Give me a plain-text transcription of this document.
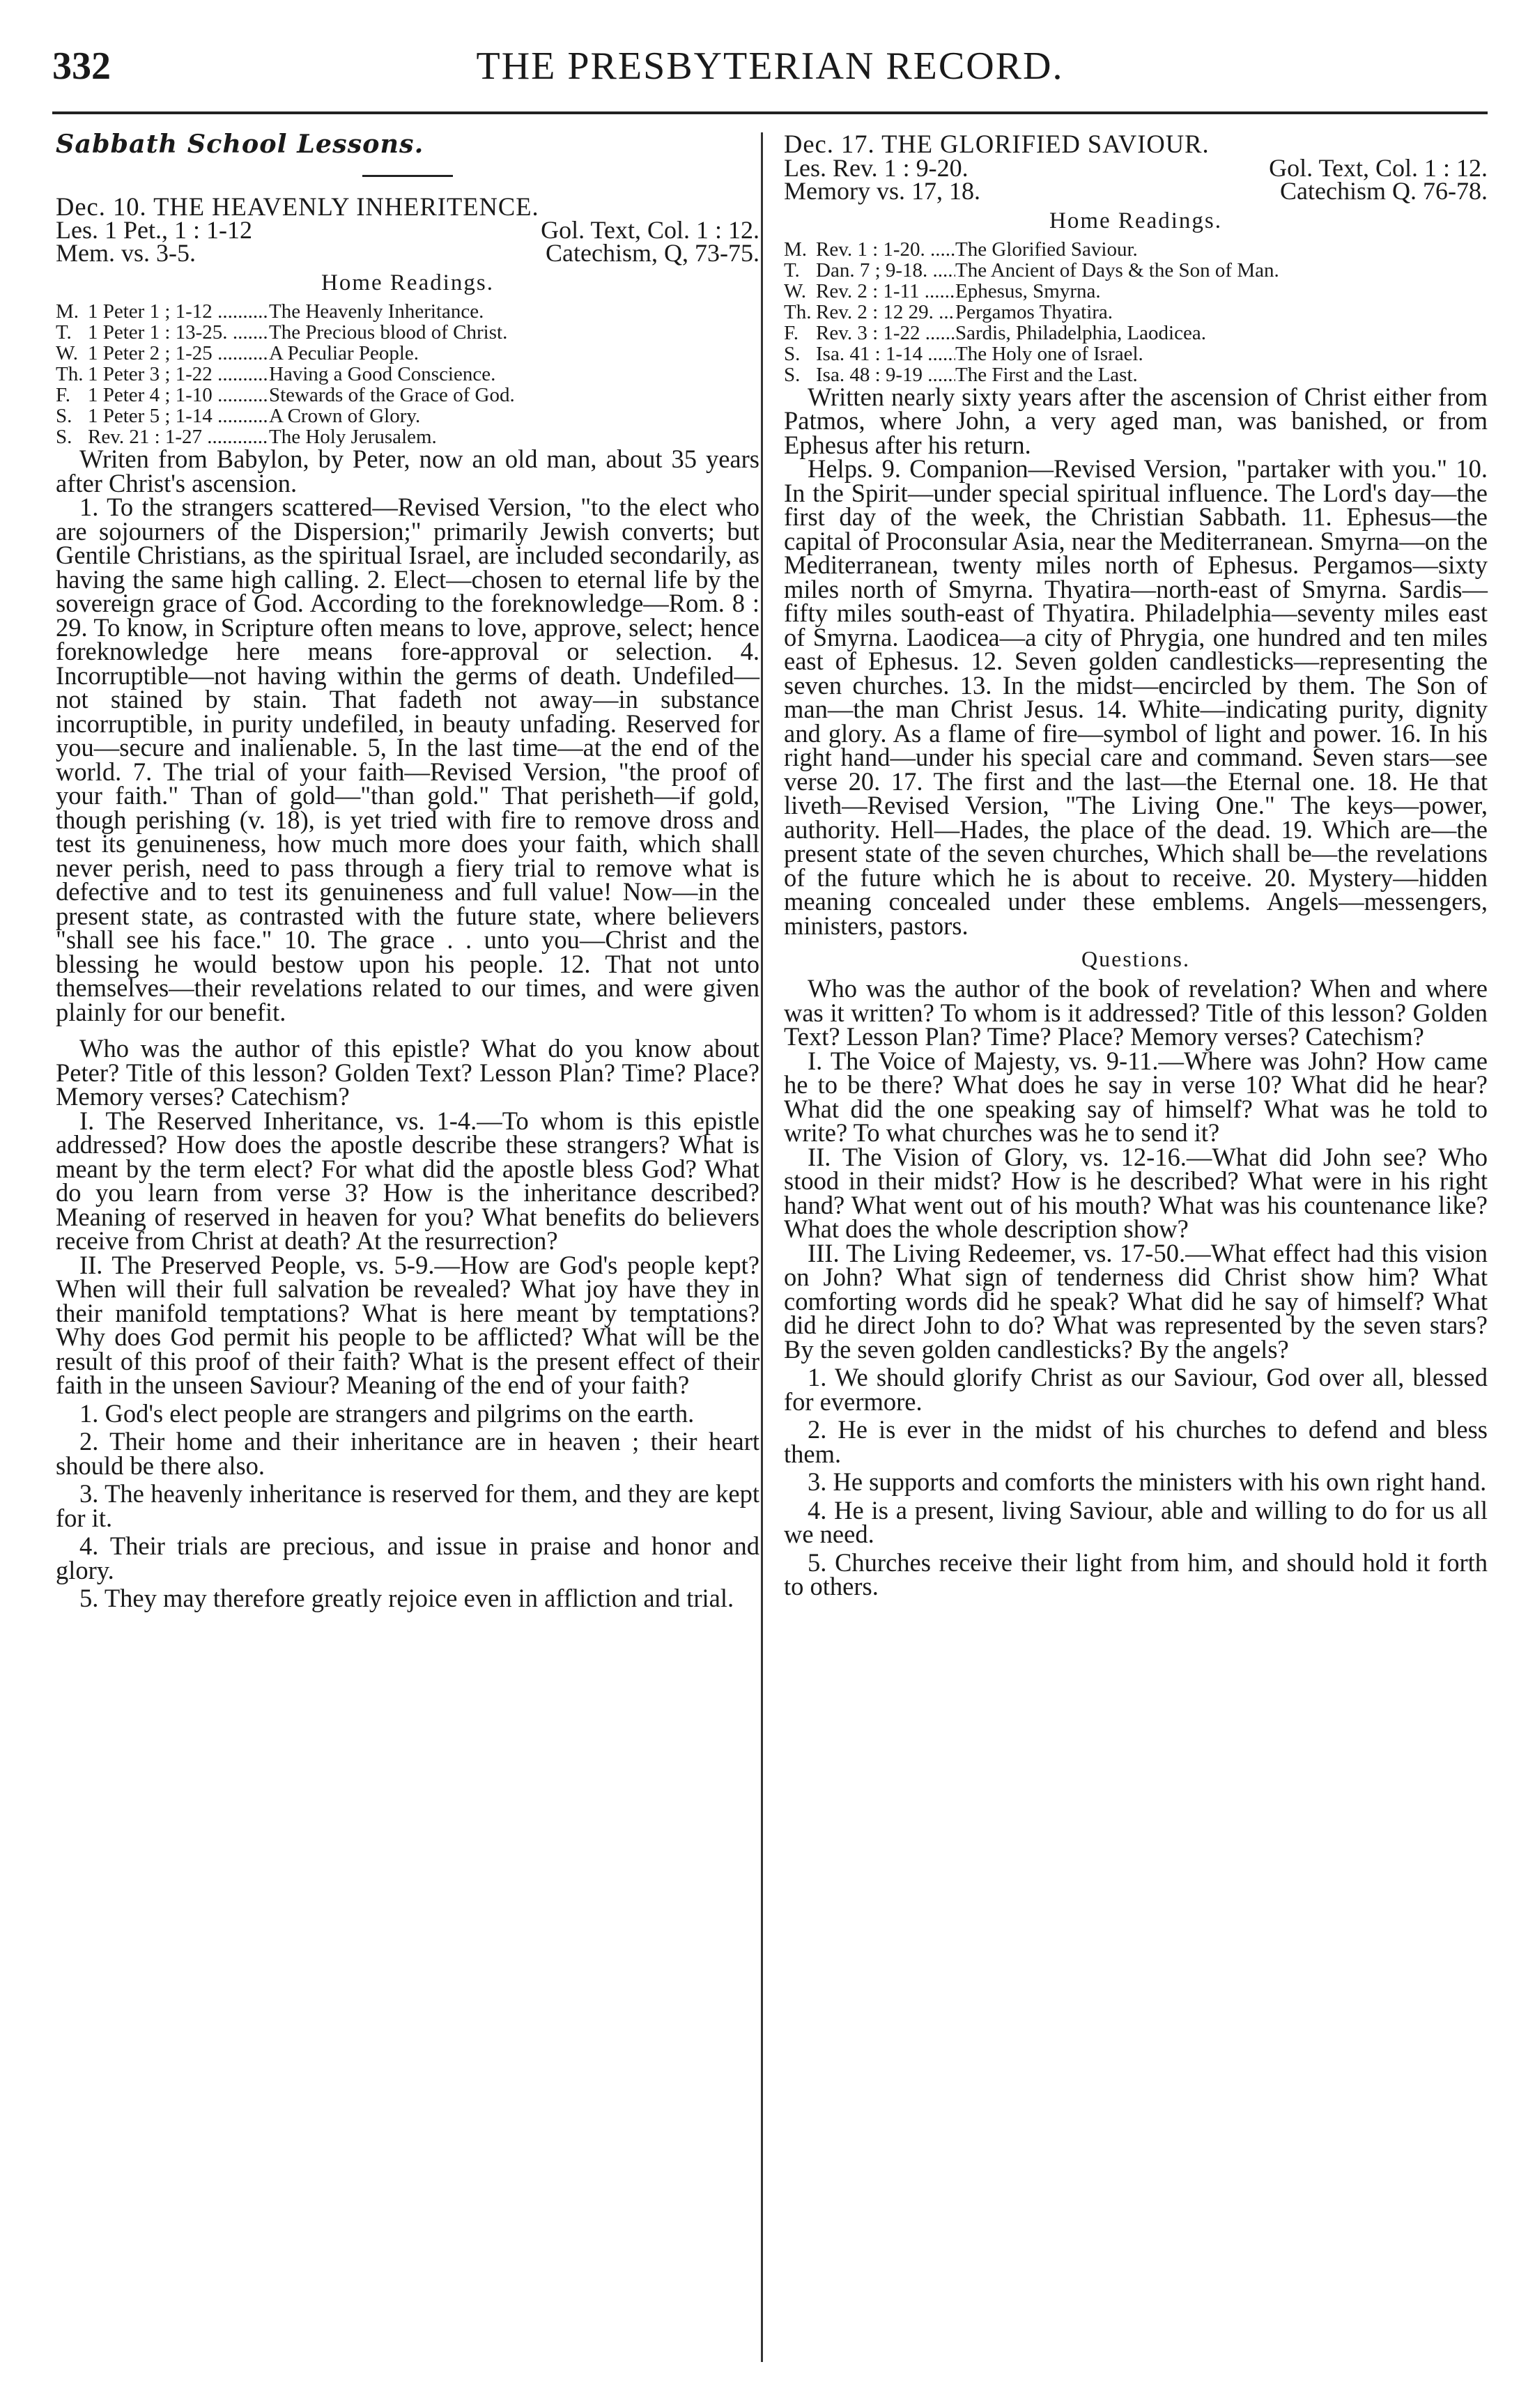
332	THE PRESBYTERIAN RECORD.

Sabbath School Lessons.

Dec. 10. THE HEAVENLY INHERITENCE.

Les. 1 Pet., 1 : 1-12	Gol. Text, Col. 1 : 12.
Mem. vs. 3-5.	Catechism, Q, 73-75.
Home Readings.
M. 1 Peter 1 ; 1-12 .....	The Heavenly Inheritance.
T. 1 Peter 1 : 13-25. .....	The Precious blood of Christ.
W. 1 Peter 2 ; 1-25 .....	A Peculiar People.
Th. 1 Peter 3 ; 1-22 .....	Having a Good Conscience.
F. 1 Peter 4 ; 1-10 .....	Stewards of the Grace of God.
S. 1 Peter 5 ; 1-14 .....	A Crown of Glory.
S. Rev. 21 : 1-27 .....	The Holy Jerusalem.

Writen from Babylon, by Peter, now an old man, about 35 years after Christ's ascension.

1. To the strangers scattered—Revised Version, "to the elect who are sojourners of the Dispersion;" primarily Jewish converts; but Gentile Christians, as the spiritual Israel, are included secondarily, as having the same high calling. 2. Elect—chosen to eternal life by the sovereign grace of God. According to the foreknowledge—Rom. 8 : 29. To know, in Scripture often means to love, approve, select; hence foreknowledge here means fore-approval or selection. 4. Incorruptible—not having within the germs of death. Undefiled—not stained by stain. That fadeth not away—in substance incorruptible, in purity undefiled, in beauty unfading. Reserved for you—secure and inalienable. 5, In the last time—at the end of the world. 7. The trial of your faith—Revised Version, "the proof of your faith." Than of gold—"than gold." That perisheth—if gold, though perishing (v. 18), is yet tried with fire to remove dross and test its genuineness, how much more does your faith, which shall never perish, need to pass through a fiery trial to remove what is defective and to test its genuineness and full value! Now—in the present state, as contrasted with the future state, where believers "shall see his face." 10. The grace . . unto you—Christ and the blessing he would bestow upon his people. 12. That not unto themselves—their revelations related to our times, and were given plainly for our benefit.

Who was the author of this epistle? What do you know about Peter? Title of this lesson? Golden Text? Lesson Plan? Time? Place? Memory verses? Catechism?

I. The Reserved Inheritance, vs. 1-4.—To whom is this epistle addressed? How does the apostle describe these strangers? What is meant by the term elect? For what did the apostle bless God? What do you learn from verse 3? How is the inheritance described? Meaning of reserved in heaven for you? What benefits do believers receive from Christ at death? At the resurrection?

II. The Preserved People, vs. 5-9.—How are God's people kept? When will their full salvation be revealed? What joy have they in their manifold temptations? What is here meant by temptations? Why does God permit his people to be afflicted? What will be the result of this proof of their faith? What is the present effect of their faith in the unseen Saviour? Meaning of the end of your faith?

1. God's elect people are strangers and pilgrims on the earth.

2. Their home and their inheritance are in heaven ; their heart should be there also.

3. The heavenly inheritance is reserved for them, and they are kept for it.

4. Their trials are precious, and issue in praise and honor and glory.

5. They may therefore greatly rejoice even in affliction and trial.

Dec. 17. THE GLORIFIED SAVIOUR.

Les. Rev. 1 : 9-20.	Gol. Text, Col. 1 : 12.
Memory vs. 17, 18.	Catechism Q. 76-78.
Home Readings.
M. Rev. 1 : 1-20. .....	The Glorified Saviour.
T. Dan. 7 ; 9-18. .....	The Ancient of Days & the Son of Man.
W. Rev. 2 : 1-11 .....	Ephesus, Smyrna.
Th. Rev. 2 : 12 29. .....	Pergamos Thyatira.
F. Rev. 3 : 1-22 .....	Sardis, Philadelphia, Laodicea.
S. Isa. 41 : 1-14 .....	The Holy one of Israel.
S. Isa. 48 : 9-19 .....	The First and the Last.

Written nearly sixty years after the ascension of Christ either from Patmos, where John, a very aged man, was banished, or from Ephesus after his return.

Helps. 9. Companion—Revised Version, "partaker with you." 10. In the Spirit—under special spiritual influence. The Lord's day—the first day of the week, the Christian Sabbath. 11. Ephesus—the capital of Proconsular Asia, near the Mediterranean. Smyrna—on the Mediterranean, twenty miles north of Ephesus. Pergamos—sixty miles north of Smyrna. Thyatira—north-east of Smyrna. Sardis—fifty miles south-east of Thyatira. Philadelphia—seventy miles east of Smyrna. Laodicea—a city of Phrygia, one hundred and ten miles east of Ephesus. 12. Seven golden candlesticks—representing the seven churches. 13. In the midst—encircled by them. The Son of man—the man Christ Jesus. 14. White—indicating purity, dignity and glory. As a flame of fire—symbol of light and power. 16. In his right hand—under his special care and command. Seven stars—see verse 20. 17. The first and the last—the Eternal one. 18. He that liveth—Revised Version, "The Living One." The keys—power, authority. Hell—Hades, the place of the dead. 19. Which are—the present state of the seven churches, Which shall be—the revelations of the future which he is about to receive. 20. Mystery—hidden meaning concealed under these emblems. Angels—messengers, ministers, pastors.

Questions.

Who was the author of the book of revelation? When and where was it written? To whom is it addressed? Title of this lesson? Golden Text? Lesson Plan? Time? Place? Memory verses? Catechism?

I. The Voice of Majesty, vs. 9-11.—Where was John? How came he to be there? What does he say in verse 10? What did he hear? What did the one speaking say of himself? What was he told to write? To what churches was he to send it?

II. The Vision of Glory, vs. 12-16.—What did John see? Who stood in their midst? How is he described? What were in his right hand? What went out of his mouth? What was his countenance like? What does the whole description show?

III. The Living Redeemer, vs. 17-50.—What effect had this vision on John? What sign of tenderness did Christ show him? What comforting words did he speak? What did he say of himself? What did he direct John to do? What was represented by the seven stars? By the seven golden candlesticks? By the angels?

1. We should glorify Christ as our Saviour, God over all, blessed for evermore.

2. He is ever in the midst of his churches to defend and bless them.

3. He supports and comforts the ministers with his own right hand.

4. He is a present, living Saviour, able and willing to do for us all we need.

5. Churches receive their light from him, and should hold it forth to others.
